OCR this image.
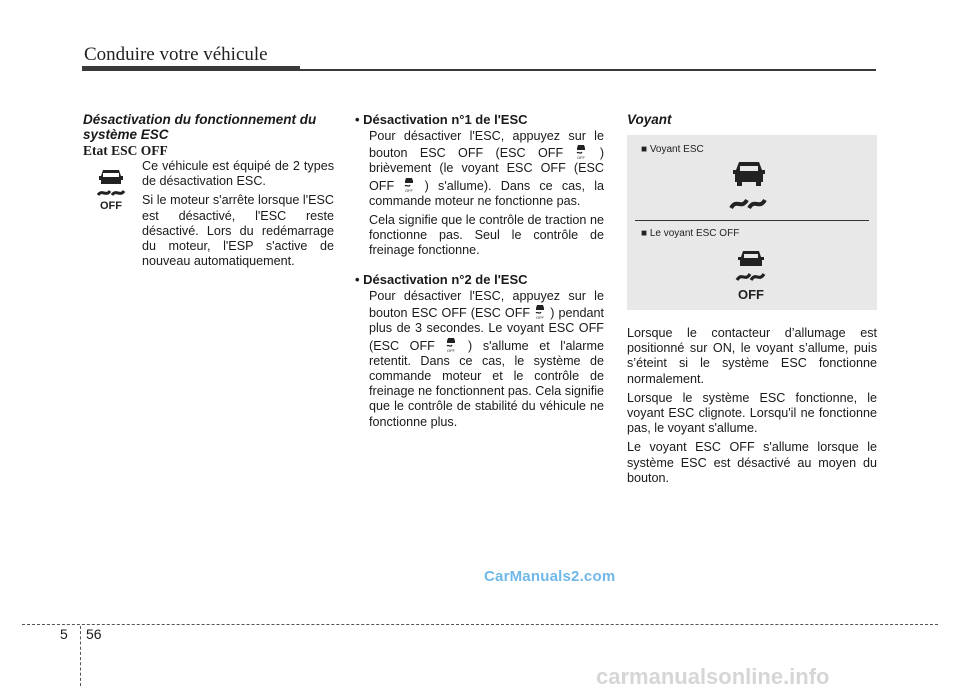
Conduire votre véhicule
Désactivation du fonctionnement du système ESC
Etat ESC OFF
OFF

Ce véhicule est équipé de 2 types de désactivation ESC.

Si le moteur s'arrête lorsque l'ESC est désactivé, l'ESC reste désactivé. Lors du redémarrage du moteur, l'ESP s'active de nouveau automatiquement.

• Désactivation n°1 de l'ESC

Pour désactiver l'ESC, appuyez sur le bouton ESC OFF (ESC OFF	OFF ) brièvement (le voyant ESC OFF (ESC OFF	OFF ) s'allume). Dans ce cas, la commande moteur ne fonctionne pas.

Cela signifie que le contrôle de traction ne fonctionne pas. Seul le contrôle de freinage fonctionne.

• Désactivation n°2 de l'ESC

Pour désactiver l'ESC, appuyez sur le bouton ESC OFF (ESC OFF OFF ) pendant plus de 3 secondes. Le voyant ESC OFF (ESC OFF	OFF ) s'allume et l'alarme retentit. Dans ce cas, le système de commande moteur et le contrôle de freinage ne fonctionnent pas. Cela signifie que le contrôle de stabilité du véhicule ne fonctionne plus.

Voyant
■ Voyant ESC
■ Le voyant ESC OFF
OFF

Lorsque le contacteur d’allumage est positionné sur ON, le voyant s’allume, puis s’éteint si le système ESC fonctionne normalement.

Lorsque le système ESC fonctionne, le voyant ESC clignote. Lorsqu'il ne fonctionne pas, le voyant s'allume.

Le voyant ESC OFF s'allume lorsque le système ESC est désactivé au moyen du bouton.

CarManuals2.com
5 56
carmanualsonline.info
